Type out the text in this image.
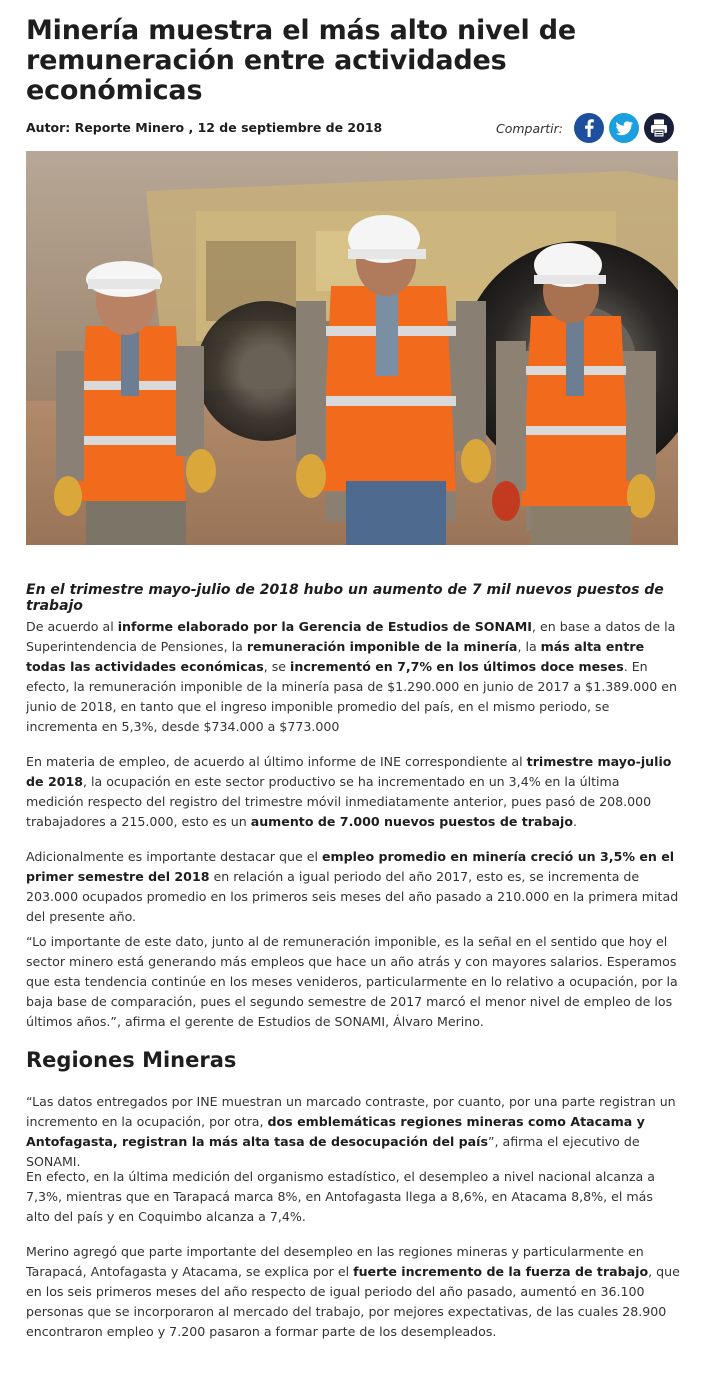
Minería muestra el más alto nivel de remuneración entre actividades económicas
Autor: Reporte Minero , 12 de septiembre de 2018	Compartir:
En el trimestre mayo-julio de 2018 hubo un aumento de 7 mil nuevos puestos de trabajo

De acuerdo al informe elaborado por la Gerencia de Estudios de SONAMI, en base a datos de la Superintendencia de Pensiones, la remuneración imponible de la minería, la más alta entre todas las actividades económicas, se incrementó en 7,7% en los últimos doce meses. En efecto, la remuneración imponible de la minería pasa de $1.290.000 en junio de 2017 a $1.389.000 en junio de 2018, en tanto que el ingreso imponible promedio del país, en el mismo periodo, se incrementa en 5,3%, desde $734.000 a $773.000

En materia de empleo, de acuerdo al último informe de INE correspondiente al trimestre mayo-julio de 2018, la ocupación en este sector productivo se ha incrementado en un 3,4% en la última medición respecto del registro del trimestre móvil inmediatamente anterior, pues pasó de 208.000 trabajadores a 215.000, esto es un aumento de 7.000 nuevos puestos de trabajo.

Adicionalmente es importante destacar que el empleo promedio en minería creció un 3,5% en el primer semestre del 2018 en relación a igual periodo del año 2017, esto es, se incrementa de 203.000 ocupados promedio en los primeros seis meses del año pasado a 210.000 en la primera mitad del presente año.

“Lo importante de este dato, junto al de remuneración imponible, es la señal en el sentido que hoy el sector minero está generando más empleos que hace un año atrás y con mayores salarios. Esperamos que esta tendencia continúe en los meses venideros, particularmente en lo relativo a ocupación, por la baja base de comparación, pues el segundo semestre de 2017 marcó el menor nivel de empleo de los últimos años.”, afirma el gerente de Estudios de SONAMI, Álvaro Merino.

Regiones Mineras

“Las datos entregados por INE muestran un marcado contraste, por cuanto, por una parte registran un incremento en la ocupación, por otra, dos emblemáticas regiones mineras como Atacama y Antofagasta, registran la más alta tasa de desocupación del país”, afirma el ejecutivo de SONAMI.

En efecto, en la última medición del organismo estadístico, el desempleo a nivel nacional alcanza a 7,3%, mientras que en Tarapacá marca 8%, en Antofagasta llega a 8,6%, en Atacama 8,8%, el más alto del país y en Coquimbo alcanza a 7,4%.

Merino agregó que parte importante del desempleo en las regiones mineras y particularmente en Tarapacá, Antofagasta y Atacama, se explica por el fuerte incremento de la fuerza de trabajo, que en los seis primeros meses del año respecto de igual periodo del año pasado, aumentó en 36.100 personas que se incorporaron al mercado del trabajo, por mejores expectativas, de las cuales 28.900 encontraron empleo y 7.200 pasaron a formar parte de los desempleados.
